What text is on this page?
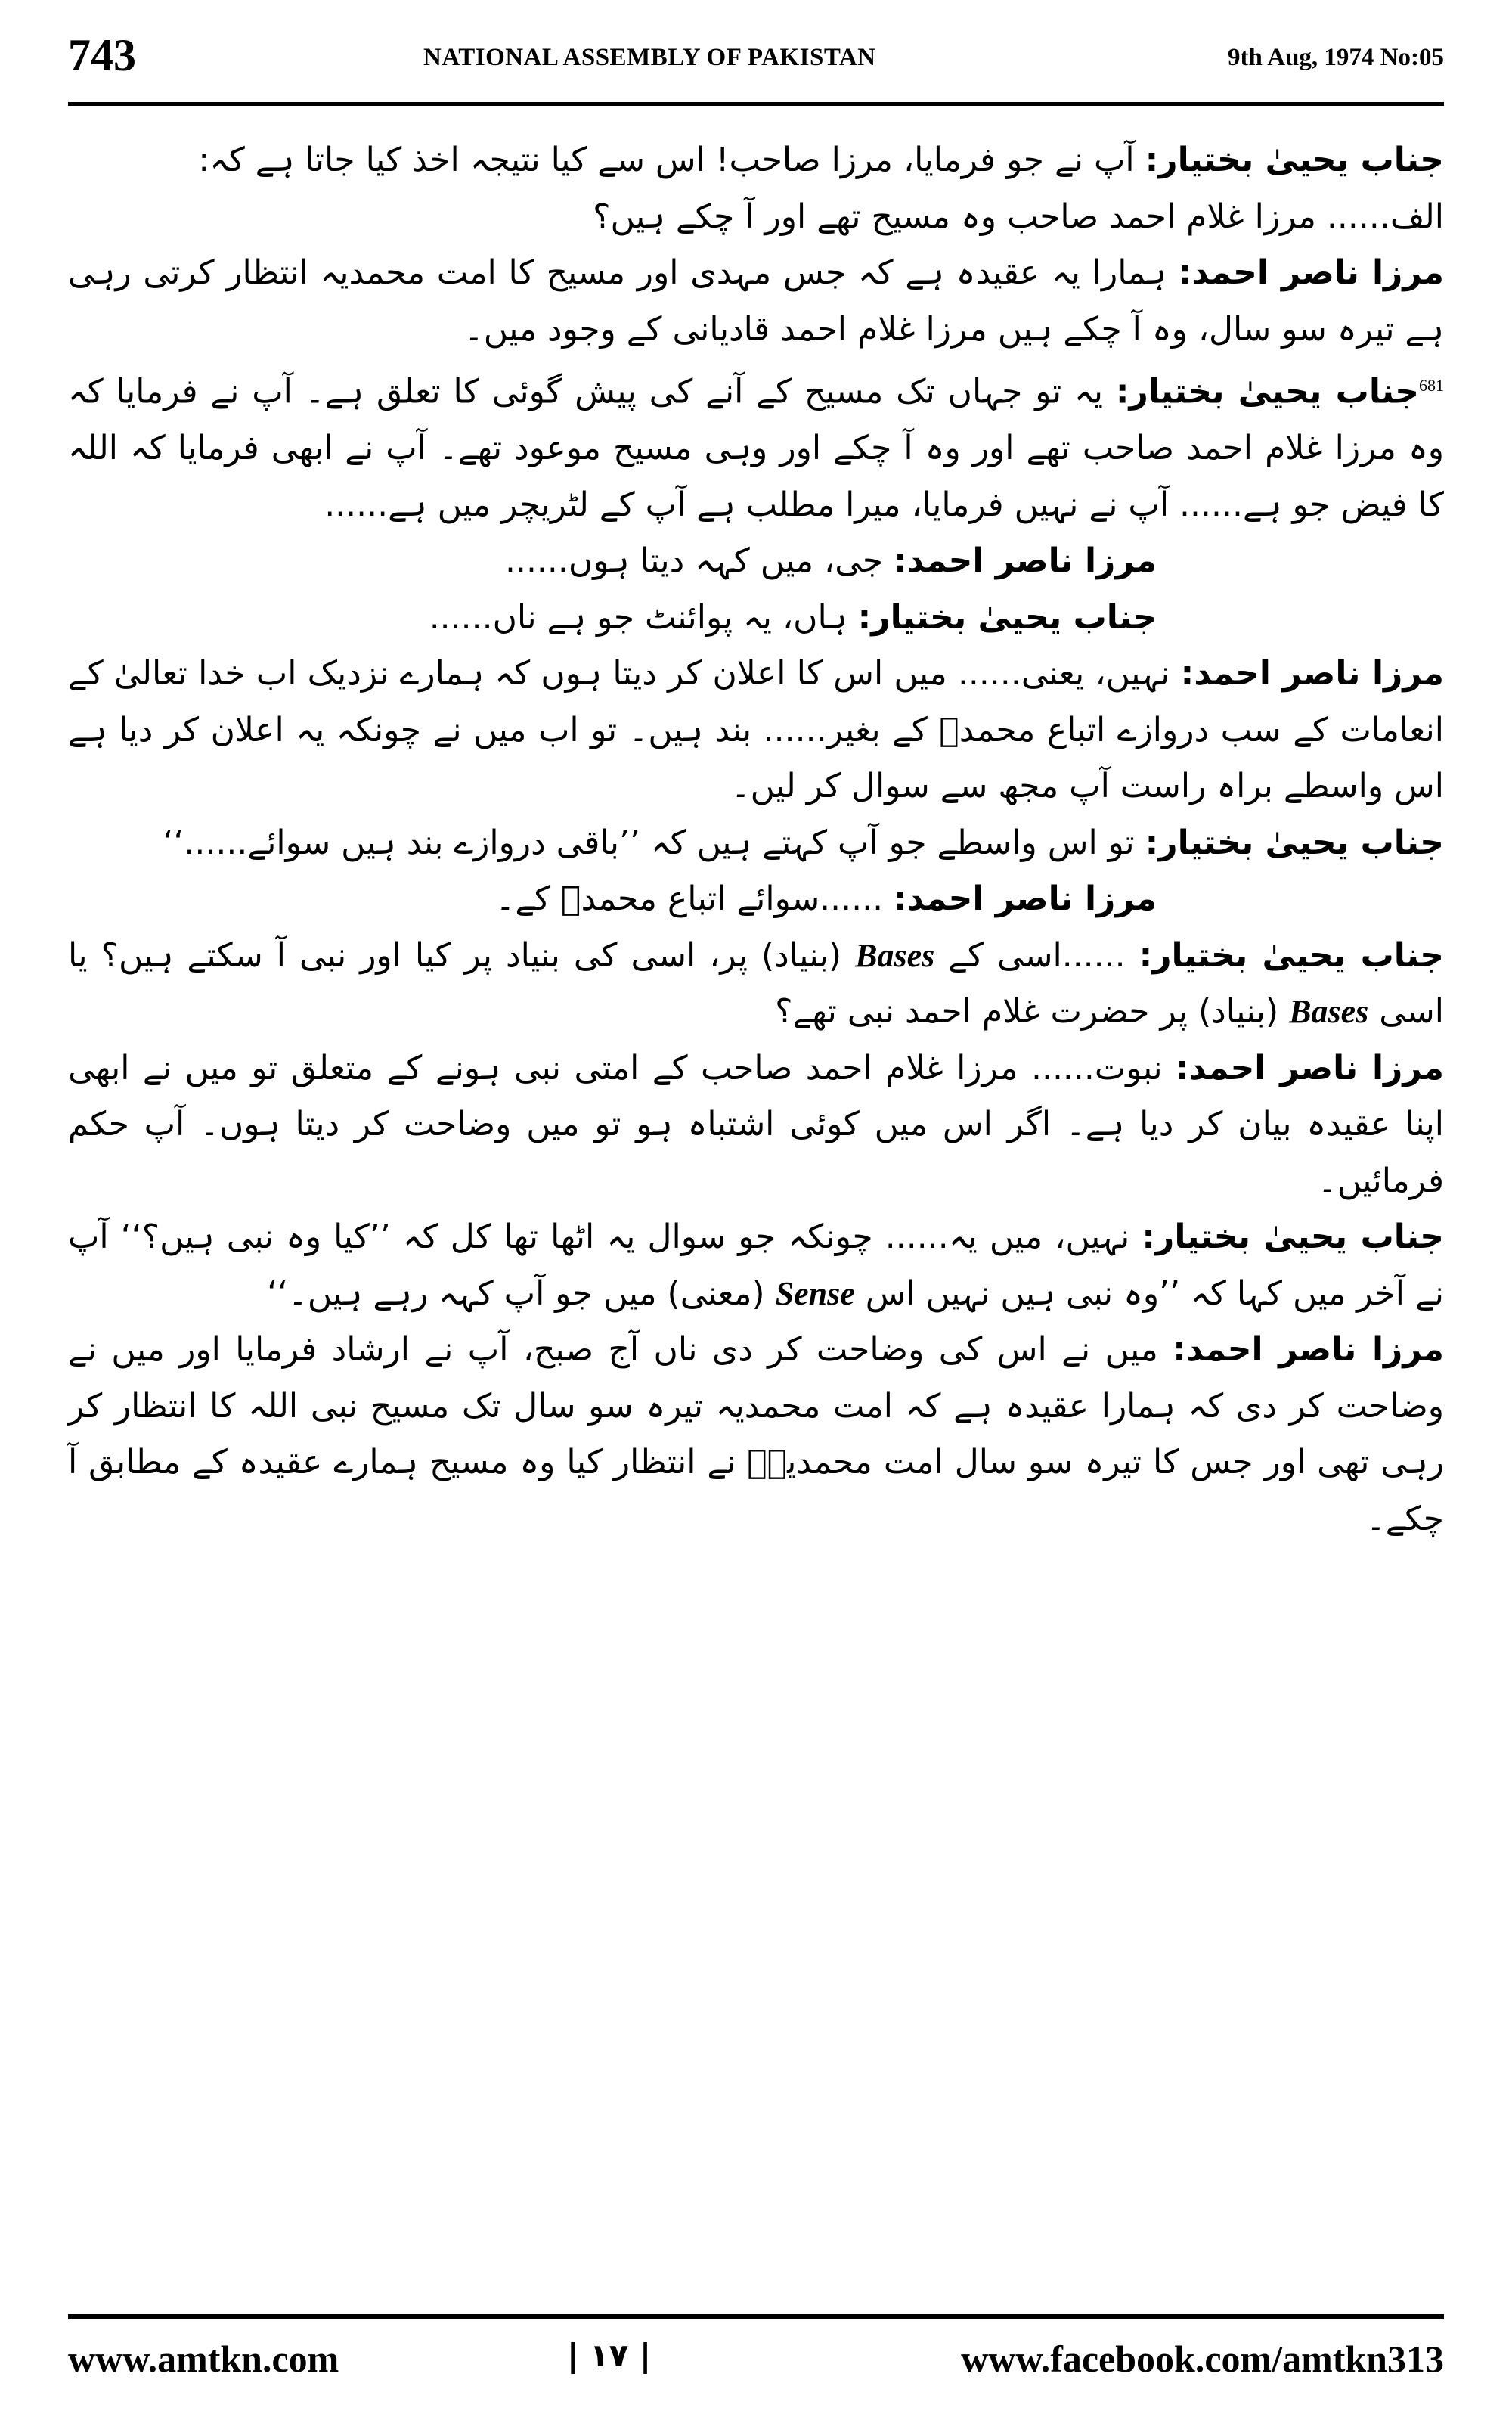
743	NATIONAL ASSEMBLY OF PAKISTAN	9th Aug, 1974 No:05

جناب یحییٰ بختیار: آپ نے جو فرمایا، مرزا صاحب! اس سے کیا نتیجہ اخذ کیا جاتا ہے کہ:

الف...... مرزا غلام احمد صاحب وہ مسیح تھے اور آ چکے ہیں؟

مرزا ناصر احمد: ہمارا یہ عقیدہ ہے کہ جس مہدی اور مسیح کا امت محمدیہ انتظار کرتی رہی ہے تیرہ سو سال، وہ آ چکے ہیں مرزا غلام احمد قادیانی کے وجود میں۔

$^{681}$جناب یحییٰ بختیار: یہ تو جہاں تک مسیح کے آنے کی پیش گوئی کا تعلق ہے۔ آپ نے فرمایا کہ وہ مرزا غلام احمد صاحب تھے اور وہ آ چکے اور وہی مسیح موعود تھے۔ آپ نے ابھی فرمایا کہ اللہ کا فیض جو ہے...... آپ نے نہیں فرمایا، میرا مطلب ہے آپ کے لٹریچر میں ہے......

مرزا ناصر احمد: جی، میں کہہ دیتا ہوں......

جناب یحییٰ بختیار: ہاں، یہ پوائنٹ جو ہے ناں......

مرزا ناصر احمد: نہیں، یعنی...... میں اس کا اعلان کر دیتا ہوں کہ ہمارے نزدیک اب خدا تعالیٰ کے انعامات کے سب دروازے اتباع محمدؐ کے بغیر...... بند ہیں۔ تو اب میں نے چونکہ یہ اعلان کر دیا ہے اس واسطے براہ راست آپ مجھ سے سوال کر لیں۔

جناب یحییٰ بختیار: تو اس واسطے جو آپ کہتے ہیں کہ ’’باقی دروازے بند ہیں سوائے......‘‘

مرزا ناصر احمد: ......سوائے اتباع محمدؐ کے۔

جناب یحییٰ بختیار: ......اسی کے Bases (بنیاد) پر، اسی کی بنیاد پر کیا اور نبی آ سکتے ہیں؟ یا اسی Bases (بنیاد) پر حضرت غلام احمد نبی تھے؟

مرزا ناصر احمد: نبوت...... مرزا غلام احمد صاحب کے امتی نبی ہونے کے متعلق تو میں نے ابھی اپنا عقیدہ بیان کر دیا ہے۔ اگر اس میں کوئی اشتباہ ہو تو میں وضاحت کر دیتا ہوں۔ آپ حکم فرمائیں۔

جناب یحییٰ بختیار: نہیں، میں یہ...... چونکہ جو سوال یہ اٹھا تھا کل کہ ’’کیا وہ نبی ہیں؟‘‘ آپ نے آخر میں کہا کہ ’’وہ نبی ہیں نہیں اس Sense (معنی) میں جو آپ کہہ رہے ہیں۔‘‘

مرزا ناصر احمد: میں نے اس کی وضاحت کر دی ناں آج صبح، آپ نے ارشاد فرمایا اور میں نے وضاحت کر دی کہ ہمارا عقیدہ ہے کہ امت محمدیہ تیرہ سو سال تک مسیح نبی اللہ کا انتظار کر رہی تھی اور جس کا تیرہ سو سال امت محمدیہؐ نے انتظار کیا وہ مسیح ہمارے عقیدہ کے مطابق آ چکے۔

www.amtkn.com	| ۱۷ |	www.facebook.com/amtkn313
